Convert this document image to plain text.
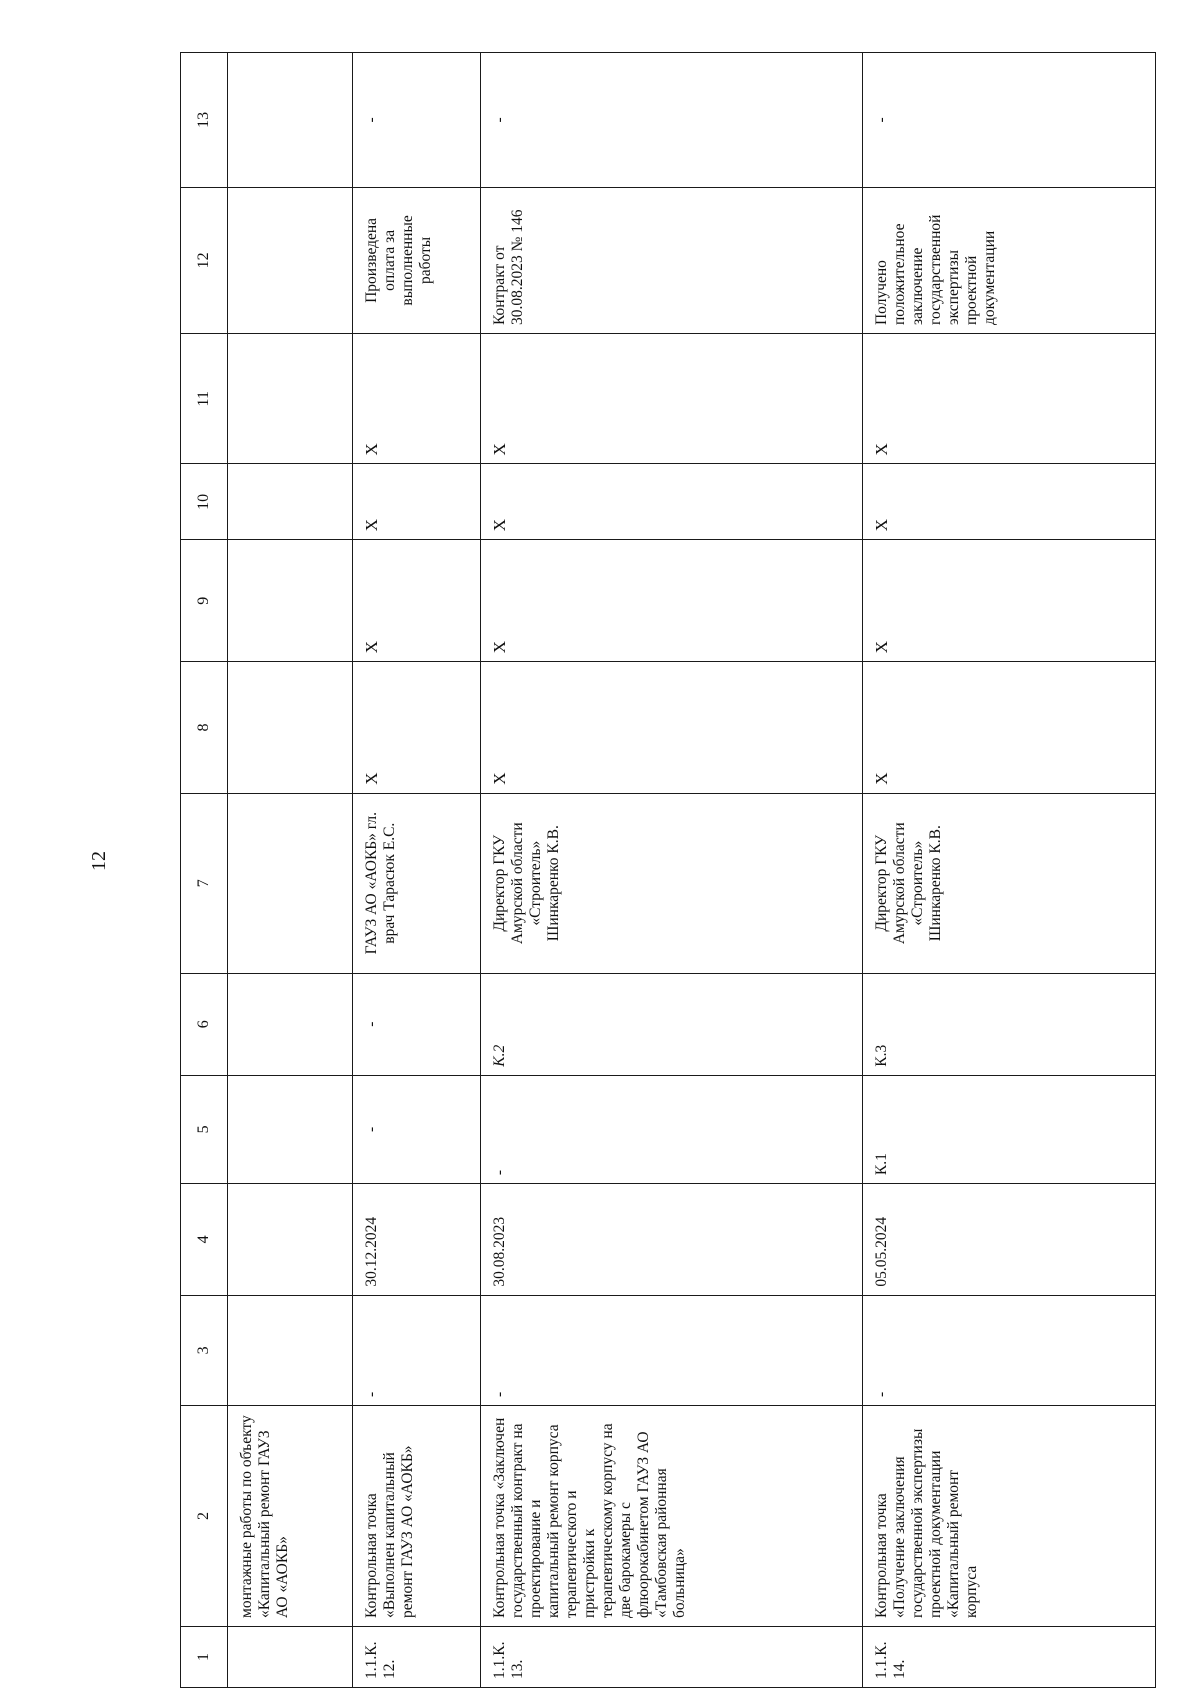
12
1	2	3	4	5	6	7	8	9	10	11	12	13
	монтажные работы по объекту «Капитальный ремонт ГАУЗ АО «АОКБ»											
1.1.К. 12.	Контрольная точка «Выполнен капитальный ремонт ГАУЗ АО «АОКБ»	-	30.12.2024	-	-	ГАУЗ АО «АОКБ» гл. врач Тарасюк Е.С.	Х	Х	Х	Х	Произведена оплата за выполненные работы	-
1.1.К. 13.	Контрольная точка «Заключен государственный контракт на проектирование и капитальный ремонт корпуса терапевтического и пристройки к терапевтическому корпусу на две барокамеры с флюорокабинетом ГАУЗ АО «Тамбовская районная больница»	-	30.08.2023	-	К.2	Директор ГКУ Амурской области «Строитель» Шинкаренко К.В.	Х	Х	Х	Х	Контракт от 30.08.2023 № 146	-
1.1.К. 14.	Контрольная точка «Получение заключения государственной экспертизы проектной документации «Капитальный ремонт корпуса	-	05.05.2024	К.1	К.3	Директор ГКУ Амурской области «Строитель» Шинкаренко К.В.	Х	Х	Х	Х	Получено положительное заключение государственной экспертизы проектной документации	-
